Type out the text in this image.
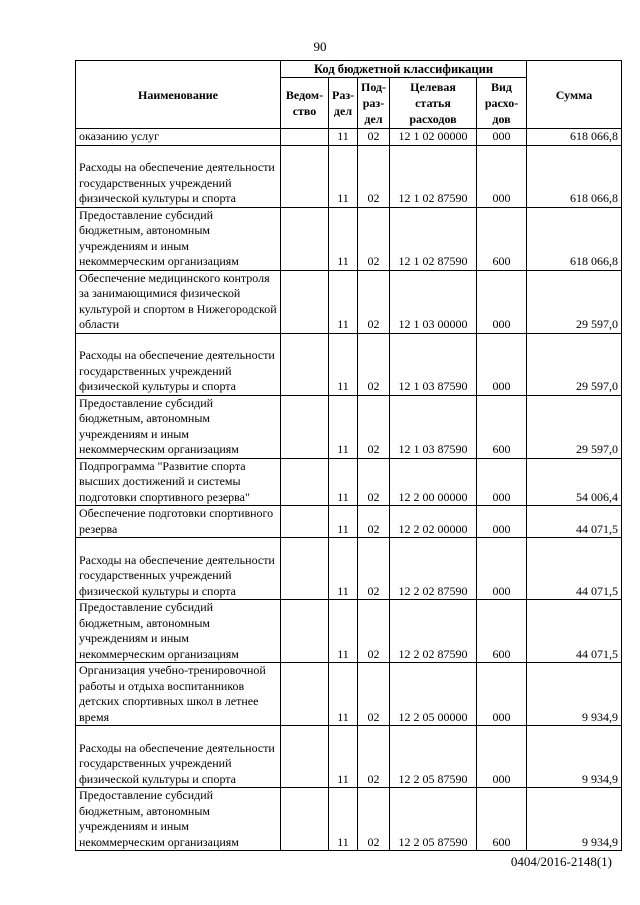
90
Наименование	Код бюджетной классификации					Сумма
	Ведом-ство	Раз-дел	Под-раз-дел	Целевая статья расходов	Вид расхо-дов	
оказанию услуг		11	02	12 1 02 00000	000	618 066,8
Расходы на обеспечение деятельности государственных учреждений физической культуры и спорта		11	02	12 1 02 87590	000	618 066,8
Предоставление субсидий бюджетным, автономным учреждениям и иным некоммерческим организациям		11	02	12 1 02 87590	600	618 066,8
Обеспечение медицинского контроля за занимающимися физической культурой и спортом в Нижегородской области		11	02	12 1 03 00000	000	29 597,0
Расходы на обеспечение деятельности государственных учреждений физической культуры и спорта		11	02	12 1 03 87590	000	29 597,0
Предоставление субсидий бюджетным, автономным учреждениям и иным некоммерческим организациям		11	02	12 1 03 87590	600	29 597,0
Подпрограмма "Развитие спорта высших достижений и системы подготовки спортивного резерва"		11	02	12 2 00 00000	000	54 006,4
Обеспечение подготовки спортивного резерва		11	02	12 2 02 00000	000	44 071,5
Расходы на обеспечение деятельности государственных учреждений физической культуры и спорта		11	02	12 2 02 87590	000	44 071,5
Предоставление субсидий бюджетным, автономным учреждениям и иным некоммерческим организациям		11	02	12 2 02 87590	600	44 071,5
Организация учебно-тренировочной работы и отдыха воспитанников детских спортивных школ в летнее время		11	02	12 2 05 00000	000	9 934,9
Расходы на обеспечение деятельности государственных учреждений физической культуры и спорта		11	02	12 2 05 87590	000	9 934,9
Предоставление субсидий бюджетным, автономным учреждениям и иным некоммерческим организациям		11	02	12 2 05 87590	600	9 934,9
0404/2016-2148(1)
